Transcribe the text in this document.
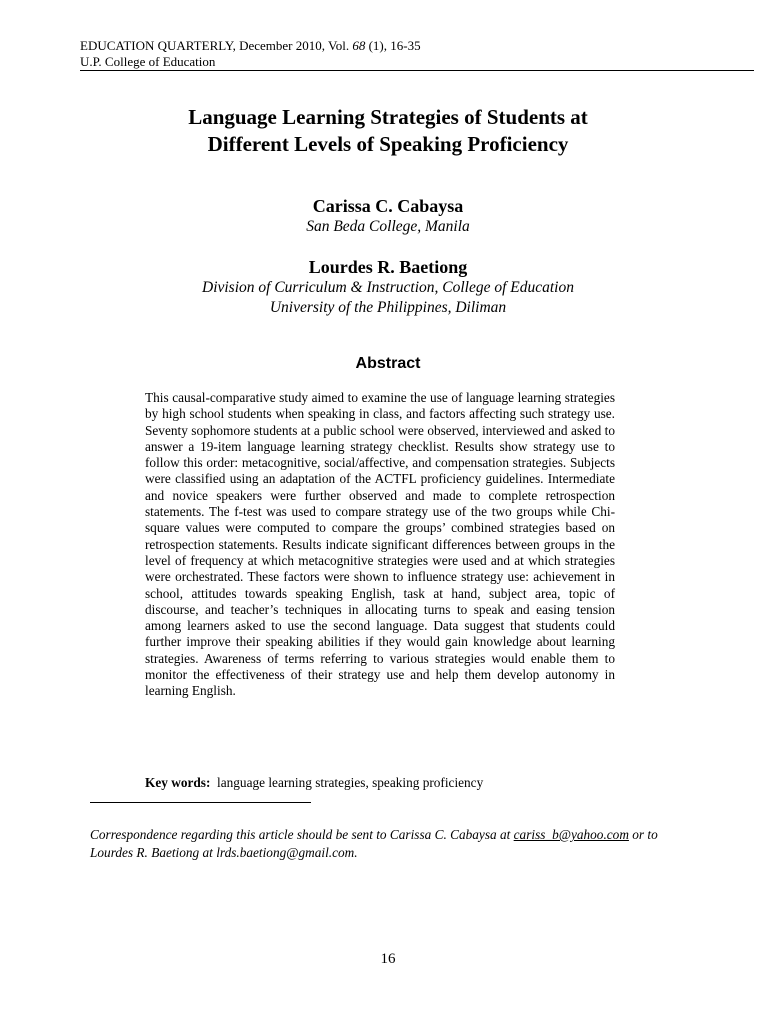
EDUCATION QUARTERLY, December 2010, Vol. 68 (1), 16-35
U.P. College of Education
Language Learning Strategies of Students at
Different Levels of Speaking Proficiency
Carissa C. Cabaysa
San Beda College, Manila
Lourdes R. Baetiong
Division of Curriculum & Instruction, College of Education
University of the Philippines, Diliman
Abstract
This causal-comparative study aimed to examine the use of language learning strategies by high school students when speaking in class, and factors affecting such strategy use. Seventy sophomore students at a public school were observed, interviewed and asked to answer a 19-item language learning strategy checklist. Results show strategy use to follow this order: metacognitive, social/affective, and compensation strategies. Subjects were classified using an adaptation of the ACTFL proficiency guidelines. Intermediate and novice speakers were further observed and made to complete retrospection statements. The f-test was used to compare strategy use of the two groups while Chi-square values were computed to compare the groups’ combined strategies based on retrospection statements. Results indicate significant differences between groups in the level of frequency at which metacognitive strategies were used and at which strategies were orchestrated. These factors were shown to influence strategy use: achievement in school, attitudes towards speaking English, task at hand, subject area, topic of discourse, and teacher’s techniques in allocating turns to speak and easing tension among learners asked to use the second language. Data suggest that students could further improve their speaking abilities if they would gain knowledge about learning strategies. Awareness of terms referring to various strategies would enable them to monitor the effectiveness of their strategy use and help them develop autonomy in learning English.
Key words: language learning strategies, speaking proficiency
Correspondence regarding this article should be sent to Carissa C. Cabaysa at cariss_b@yahoo.com or to Lourdes R. Baetiong at lrds.baetiong@gmail.com.
16
